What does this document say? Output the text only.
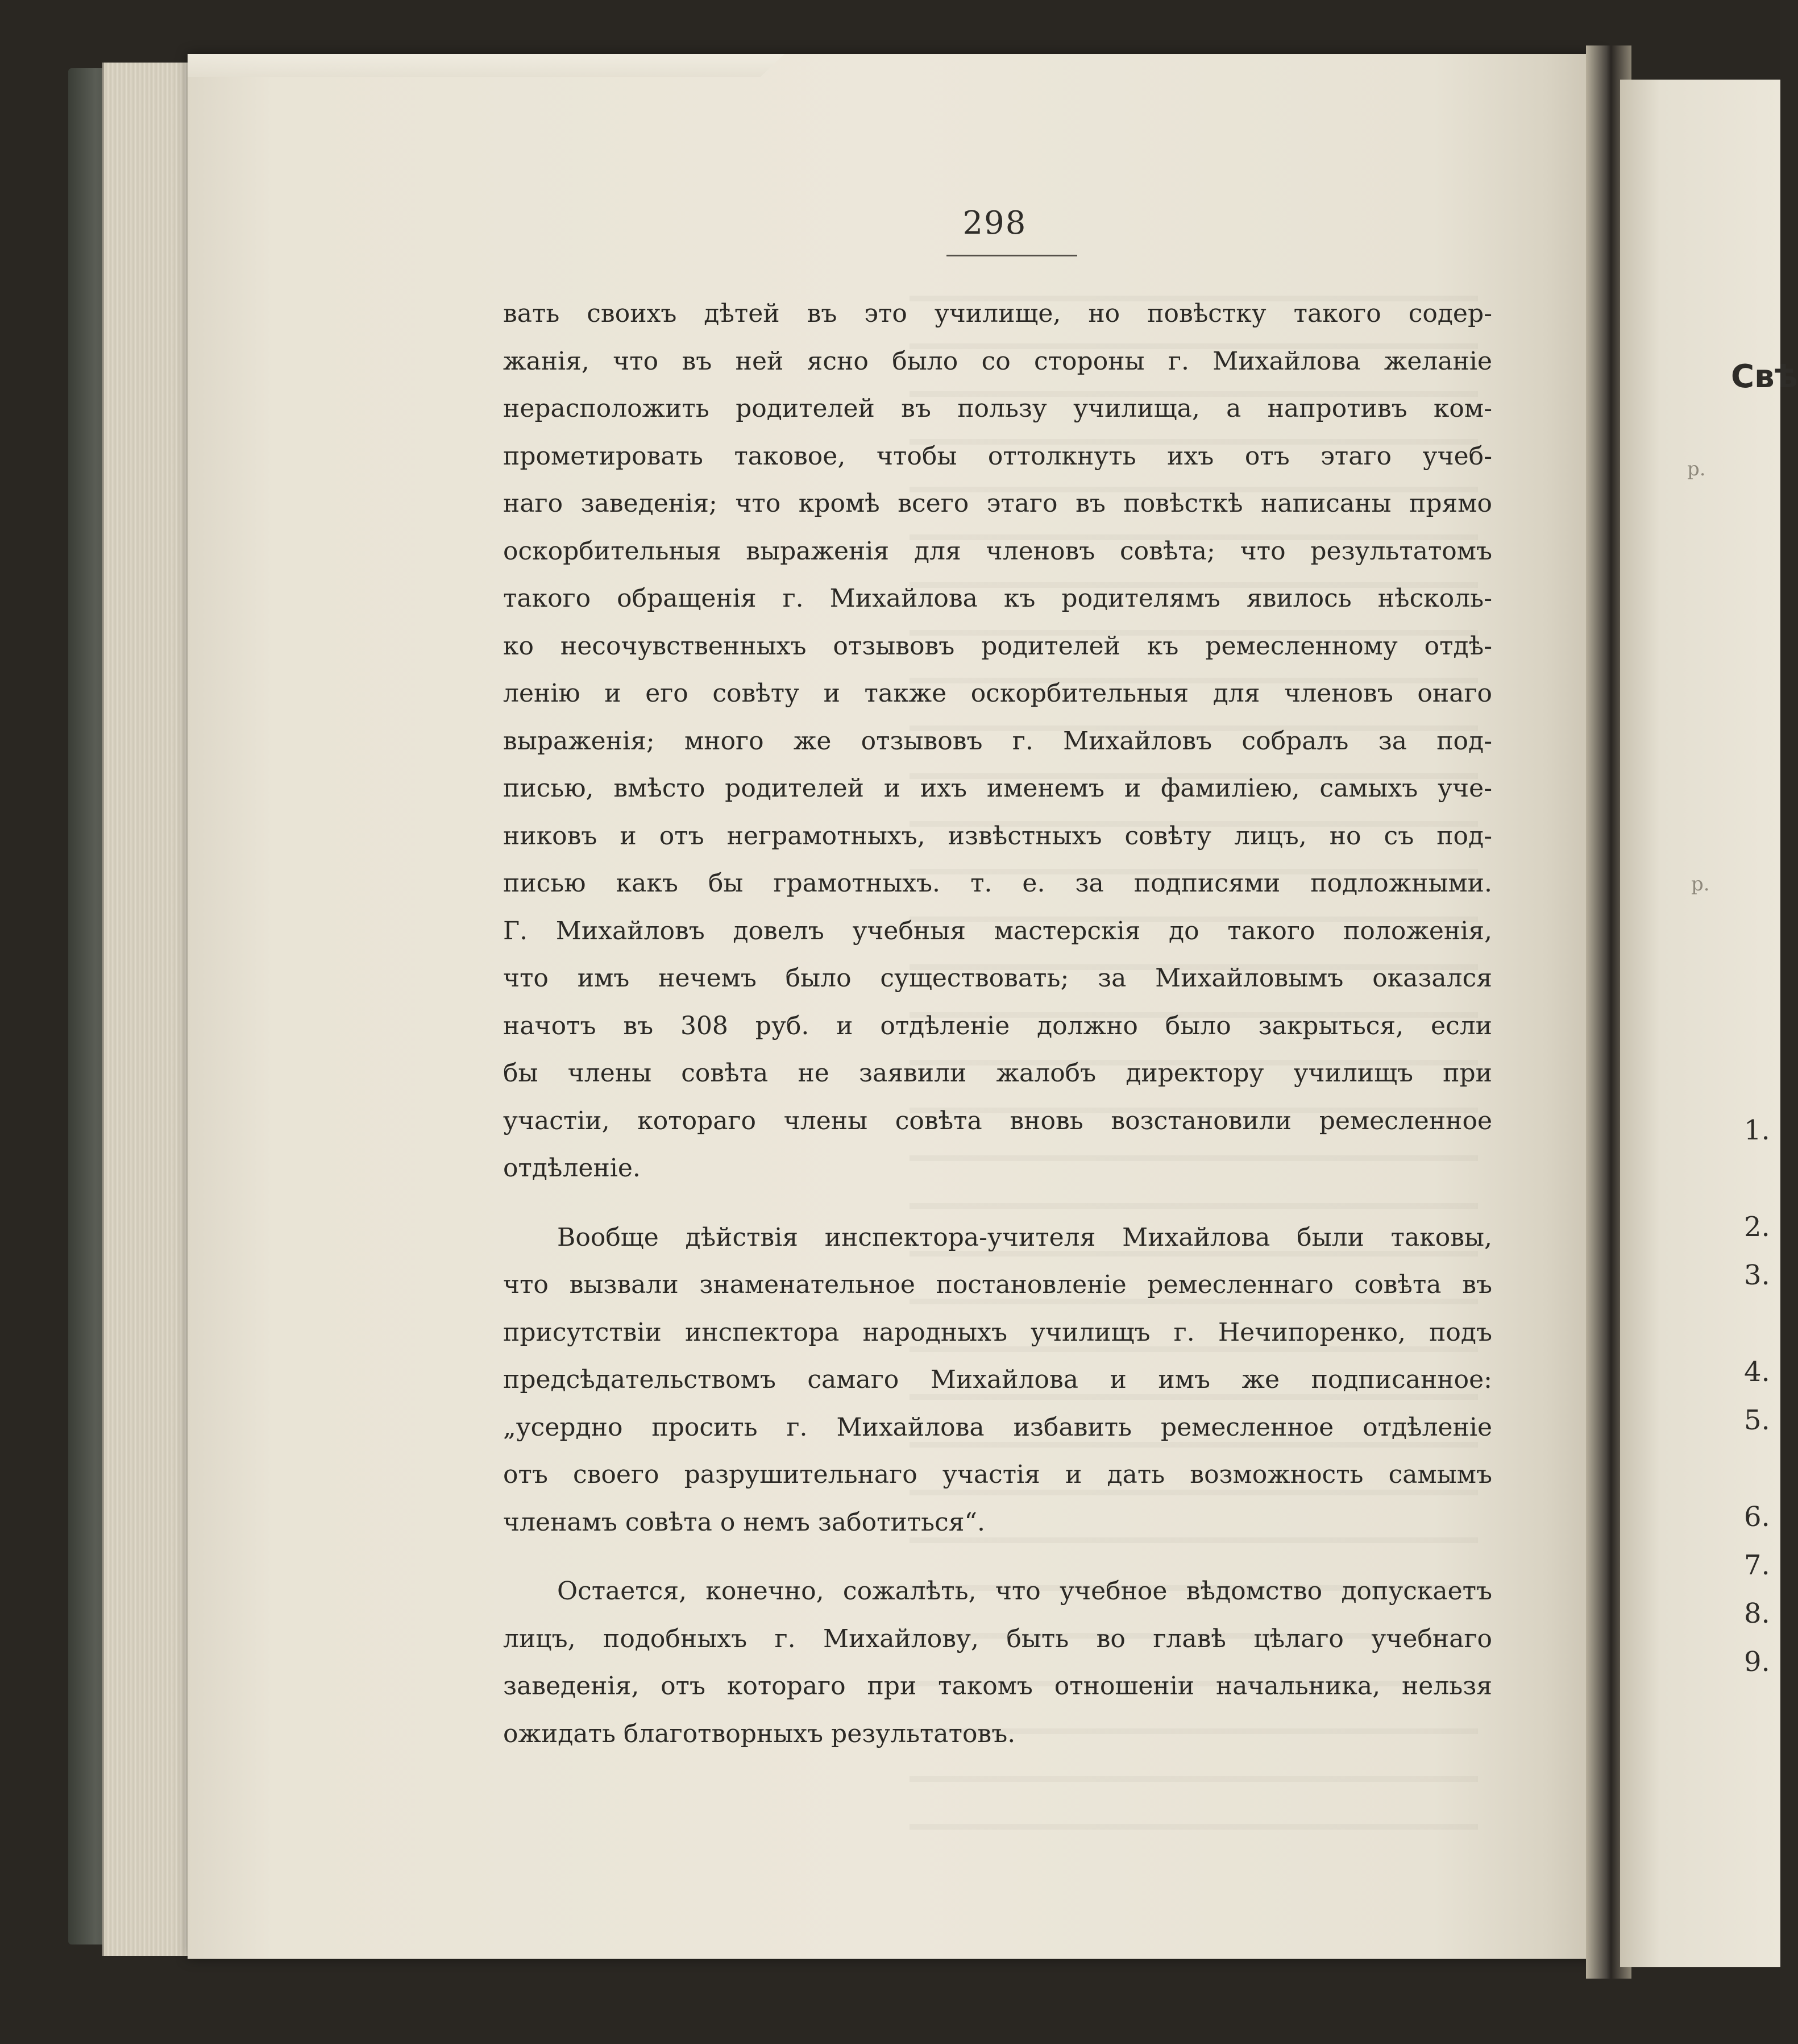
Свѣ
р.
р.
1.
2.
3.
4.
5.
6.
7.
8.
9.
298
вать своихъ дѣтей въ это училище, но повѣстку такого содер-
жанія, что въ ней ясно было со стороны г. Михайлова желаніе
нерасположить родителей въ пользу училища, а напротивъ ком-
прометировать таковое, чтобы оттолкнуть ихъ отъ этаго учеб-
наго заведенія; что кромѣ всего этаго въ повѣсткѣ написаны прямо
оскорбительныя выраженія для членовъ совѣта; что результатомъ
такого обращенія г. Михайлова къ родителямъ явилось нѣсколь-
ко несочувственныхъ отзывовъ родителей къ ремесленному отдѣ-
ленію и его совѣту и также оскорбительныя для членовъ онаго
выраженія; много же отзывовъ г. Михайловъ собралъ за под-
писью, вмѣсто родителей и ихъ именемъ и фамиліею, самыхъ уче-
никовъ и отъ неграмотныхъ, извѣстныхъ совѣту лицъ, но съ под-
писью какъ бы грамотныхъ. т. е. за подписями подложными.
Г. Михайловъ довелъ учебныя мастерскія до такого положенія,
что имъ нечемъ было существовать; за Михайловымъ оказался
начотъ въ 308 руб. и отдѣленіе должно было закрыться, если
бы члены совѣта не заявили жалобъ директору училищъ при
участіи, котораго члены совѣта вновь возстановили ремесленное
отдѣленіе.
Вообще дѣйствія инспектора-учителя Михайлова были таковы,
что вызвали знаменательное постановленіе ремесленнаго совѣта въ
присутствіи инспектора народныхъ училищъ г. Нечипоренко, подъ
предсѣдательствомъ самаго Михайлова и имъ же подписанное:
„усердно просить г. Михайлова избавить ремесленное отдѣленіе
отъ своего разрушительнаго участія и дать возможность самымъ
членамъ совѣта о немъ заботиться“.
Остается, конечно, сожалѣть, что учебное вѣдомство допускаетъ
лицъ, подобныхъ г. Михайлову, быть во главѣ цѣлаго учебнаго
заведенія, отъ котораго при такомъ отношеніи начальника, нельзя
ожидать благотворныхъ результатовъ.
